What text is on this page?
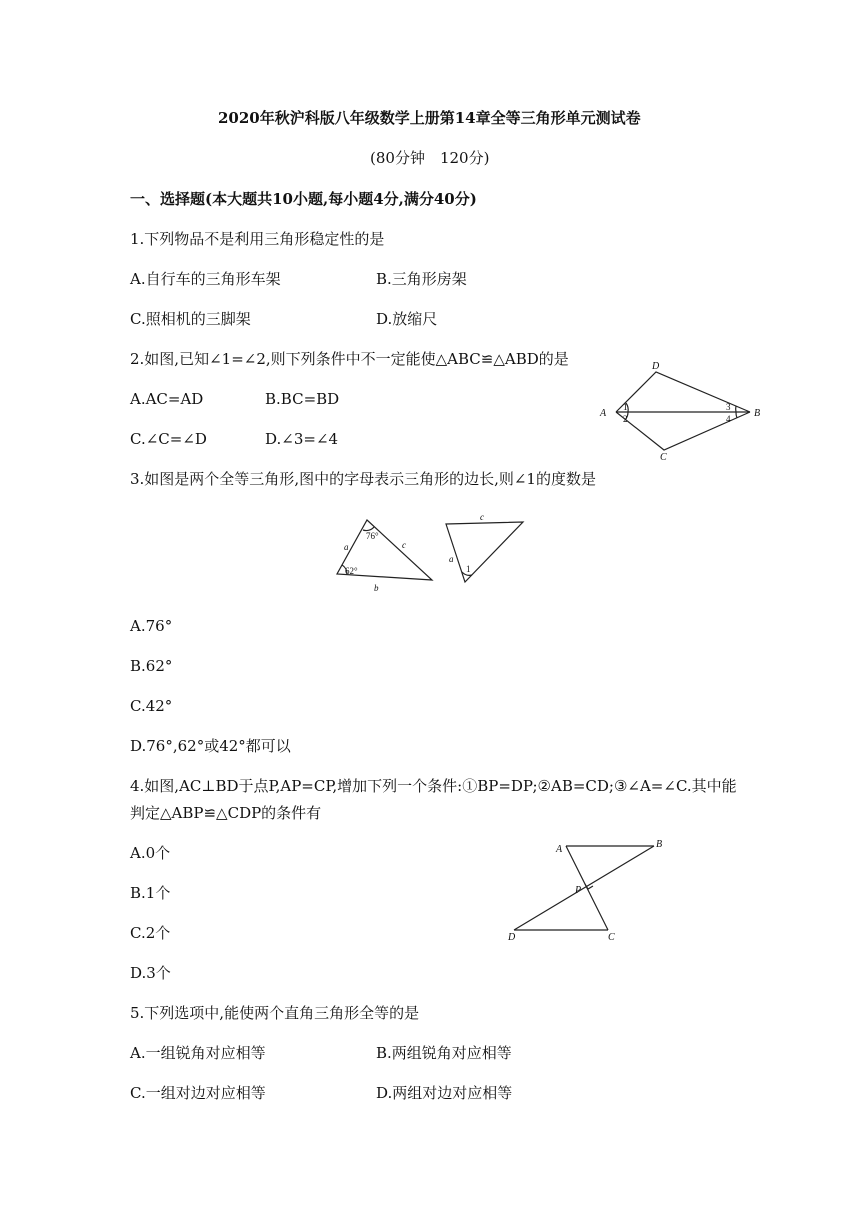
2020年秋沪科版八年级数学上册第14章全等三角形单元测试卷
(80分钟　120分)
一、选择题(本大题共10小题,每小题4分,满分40分)
1.下列物品不是利用三角形稳定性的是
A.自行车的三角形车架	B.三角形房架
C.照相机的三脚架	D.放缩尺
2.如图,已知∠1=∠2,则下列条件中不一定能使△ABC≌△ABD的是
A.AC=AD	B.BC=BD
C.∠C=∠D	D.∠3=∠4
A	B
C
D
1
2
3
4
3.如图是两个全等三角形,图中的字母表示三角形的边长,则∠1的度数是
76°
62°
a	c
b
c
a
1
A.76°
B.62°
C.42°
D.76°,62°或42°都可以
4.如图,AC⊥BD于点P,AP=CP,增加下列一个条件:①BP=DP;②AB=CD;③∠A=∠C.其中能
判定△ABP≌△CDP的条件有
A.0个
B.1个
C.2个
D.3个
A	B
P
D	C
5.下列选项中,能使两个直角三角形全等的是
A.一组锐角对应相等	B.两组锐角对应相等
C.一组对边对应相等	D.两组对边对应相等
